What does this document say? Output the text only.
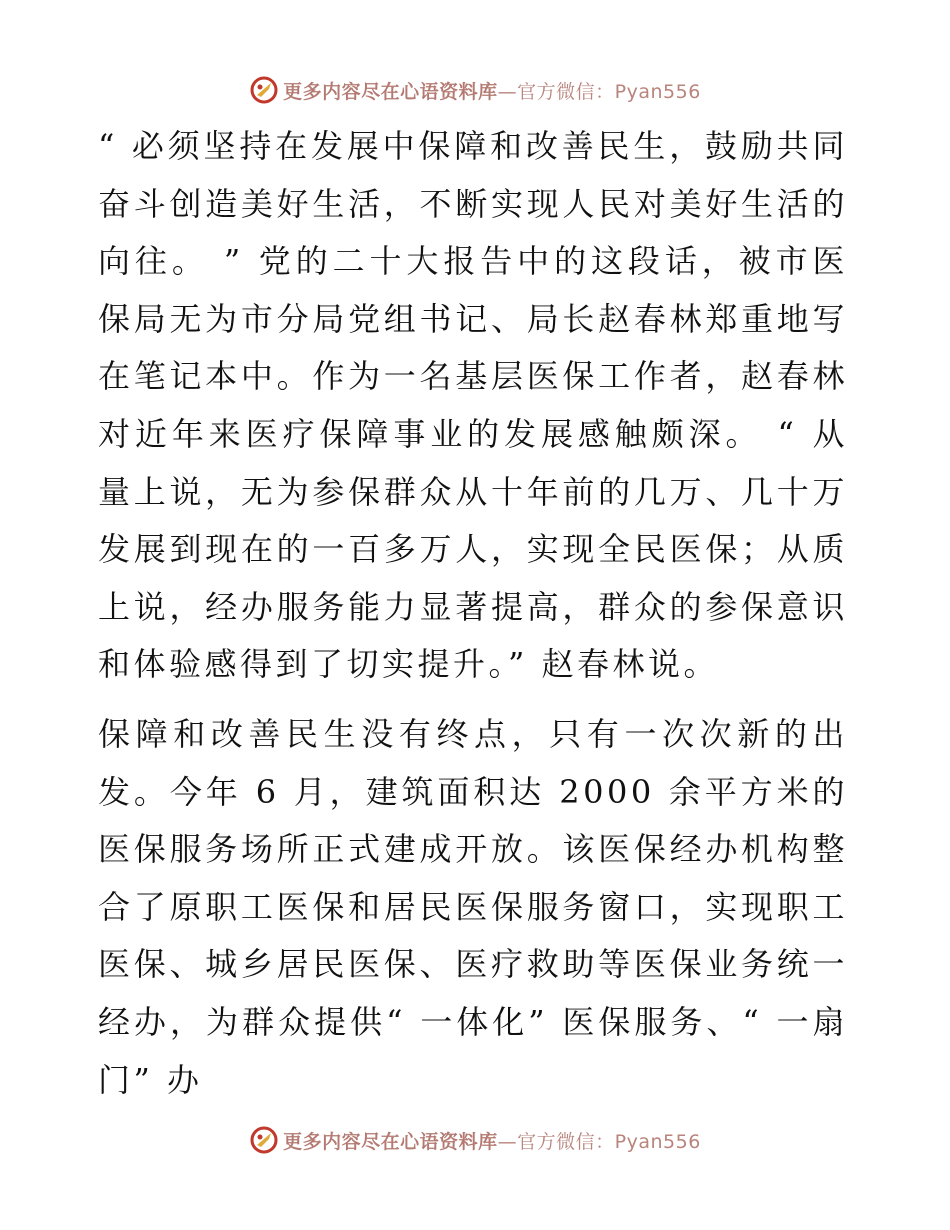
更多内容尽在心语资料库—官方微信：Pyan556

“ 必须坚持在发展中保障和改善民生，鼓励共同奋斗创造美好生活，不断实现人民对美好生活的向往。 ” 党的二十大报告中的这段话，被市医保局无为市分局党组书记、局长赵春林郑重地写在笔记本中。作为一名基层医保工作者，赵春林对近年来医疗保障事业的发展感触颇深。 “ 从量上说，无为参保群众从十年前的几万、几十万发展到现在的一百多万人，实现全民医保；从质上说，经办服务能力显著提高，群众的参保意识和体验感得到了切实提升。” 赵春林说。

保障和改善民生没有终点，只有一次次新的出发。今年 6 月，建筑面积达 2000 余平方米的医保服务场所正式建成开放。该医保经办机构整合了原职工医保和居民医保服务窗口，实现职工医保、城乡居民医保、医疗救助等医保业务统一经办，为群众提供“ 一体化” 医保服务、“ 一扇门” 办

更多内容尽在心语资料库—官方微信：Pyan556
